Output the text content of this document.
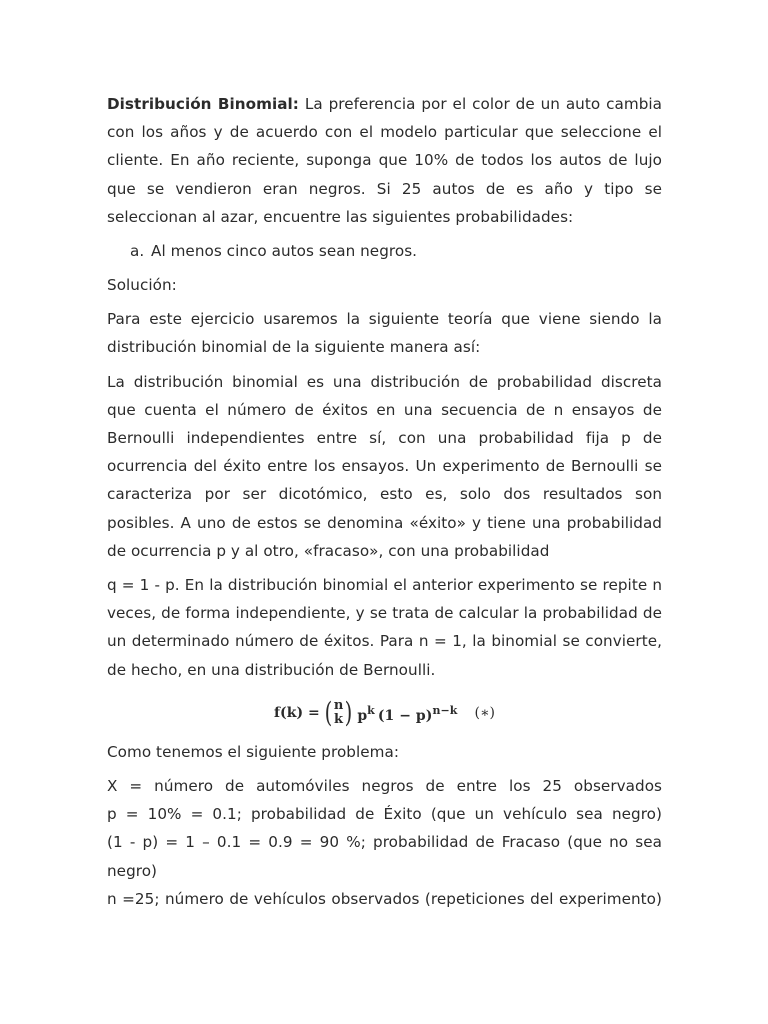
Distribución Binomial: La preferencia por el color de un auto cambia con los años y de acuerdo con el modelo particular que seleccione el cliente. En año reciente, suponga que 10% de todos los autos de lujo que se vendieron eran negros. Si 25 autos de es año y tipo se seleccionan al azar, encuentre las siguientes probabilidades:

a. Al menos cinco autos sean negros.

Solución:

Para este ejercicio usaremos la siguiente teoría que viene siendo la distribución binomial de la siguiente manera así:

La distribución binomial es una distribución de probabilidad discreta que cuenta el número de éxitos en una secuencia de n ensayos de Bernoulli independientes entre sí, con una probabilidad fija p de ocurrencia del éxito entre los ensayos. Un experimento de Bernoulli se caracteriza por ser dicotómico, esto es, solo dos resultados son posibles. A uno de estos se denomina «éxito» y tiene una probabilidad de ocurrencia p y al otro, «fracaso», con una probabilidad

q = 1 - p. En la distribución binomial el anterior experimento se repite n veces, de forma independiente, y se trata de calcular la probabilidad de un determinado número de éxitos. Para n = 1, la binomial se convierte, de hecho, en una distribución de Bernoulli.

f(k) = ( n
k ) $p^k$ $(1 - p)^{n-k}$ (∗)

Como tenemos el siguiente problema:

X = número de automóviles negros de entre los 25 observados

p = 10% = 0.1; probabilidad de Éxito (que un vehículo sea negro)

(1 - p) = 1 – 0.1 = 0.9 = 90 %; probabilidad de Fracaso (que no sea

negro)

n =25; número de vehículos observados (repeticiones del experimento)
